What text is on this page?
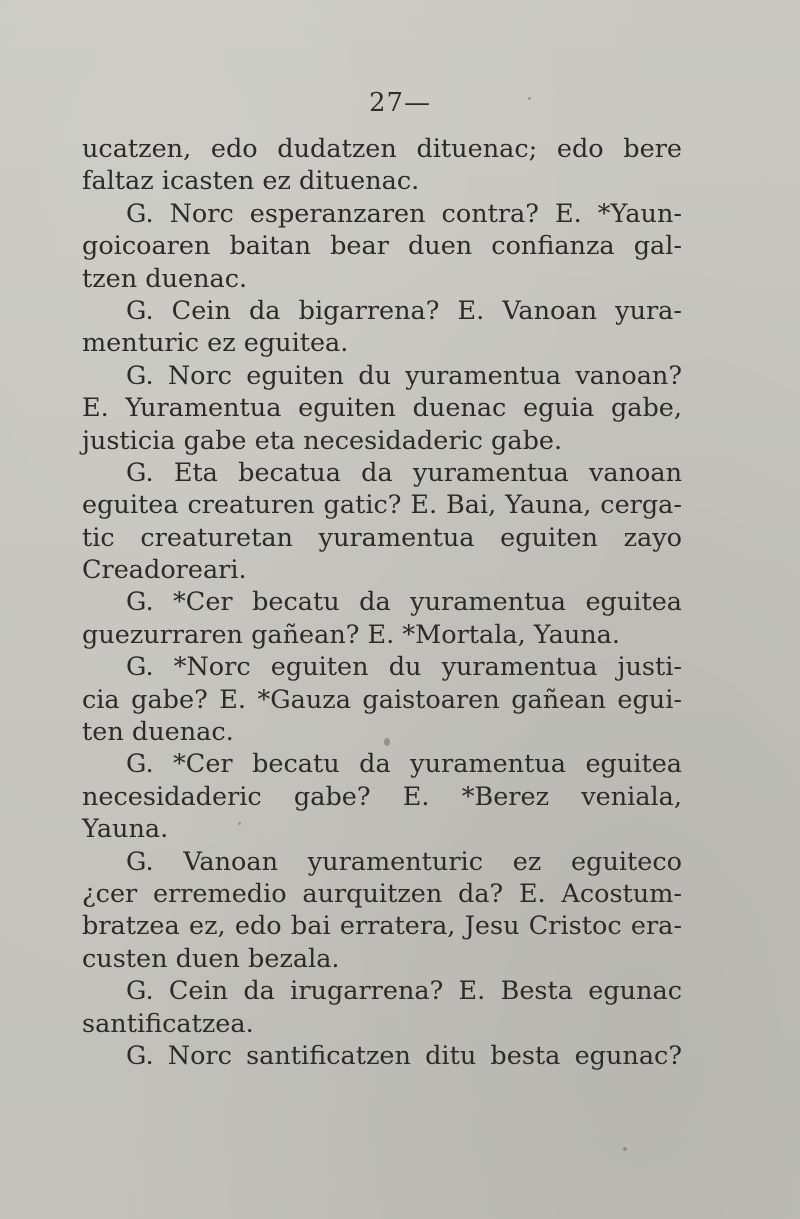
27—
ucatzen, edo dudatzen dituenac; edo bere
faltaz icasten ez dituenac.
G. Norc esperanzaren contra? E. *Yaun-
goicoaren baitan bear duen confianza gal-
tzen duenac.
G. Cein da bigarrena? E. Vanoan yura-
menturic ez eguitea.
G. Norc eguiten du yuramentua vanoan?
E. Yuramentua eguiten duenac eguia gabe,
justicia gabe eta necesidaderic gabe.
G. Eta becatua da yuramentua vanoan
eguitea creaturen gatic? E. Bai, Yauna, cerga-
tic creaturetan yuramentua eguiten zayo
Creadoreari.
G. *Cer becatu da yuramentua eguitea
guezurraren gañean? E. *Mortala, Yauna.
G. *Norc eguiten du yuramentua justi-
cia gabe? E. *Gauza gaistoaren gañean egui-
ten duenac.
G. *Cer becatu da yuramentua eguitea
necesidaderic gabe? E. *Berez veniala,
Yauna.
G. Vanoan yuramenturic ez eguiteco
¿cer erremedio aurquitzen da? E. Acostum-
bratzea ez, edo bai erratera, Jesu Cristoc era-
custen duen bezala.
G. Cein da irugarrena? E. Besta egunac
santificatzea.
G. Norc santificatzen ditu besta egunac?
